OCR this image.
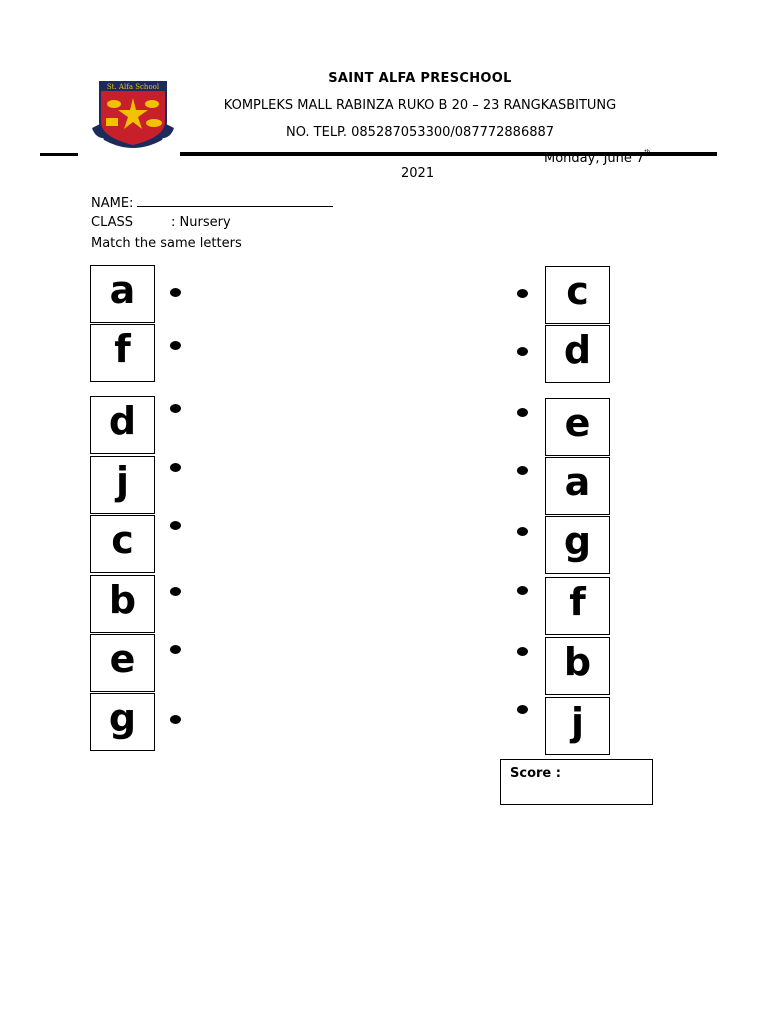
St. Alfa School
SAINT ALFA PRESCHOOL
KOMPLEKS MALL RABINZA RUKO B 20 – 23 RANGKASBITUNG
NO. TELP. 085287053300/087772886887
Monday, June 7th
2021
NAME:
CLASS	: Nursery
Match the same letters
a
f
d
j
c
b
e
g
c
d
e
a
g
f
b
j
Score :
